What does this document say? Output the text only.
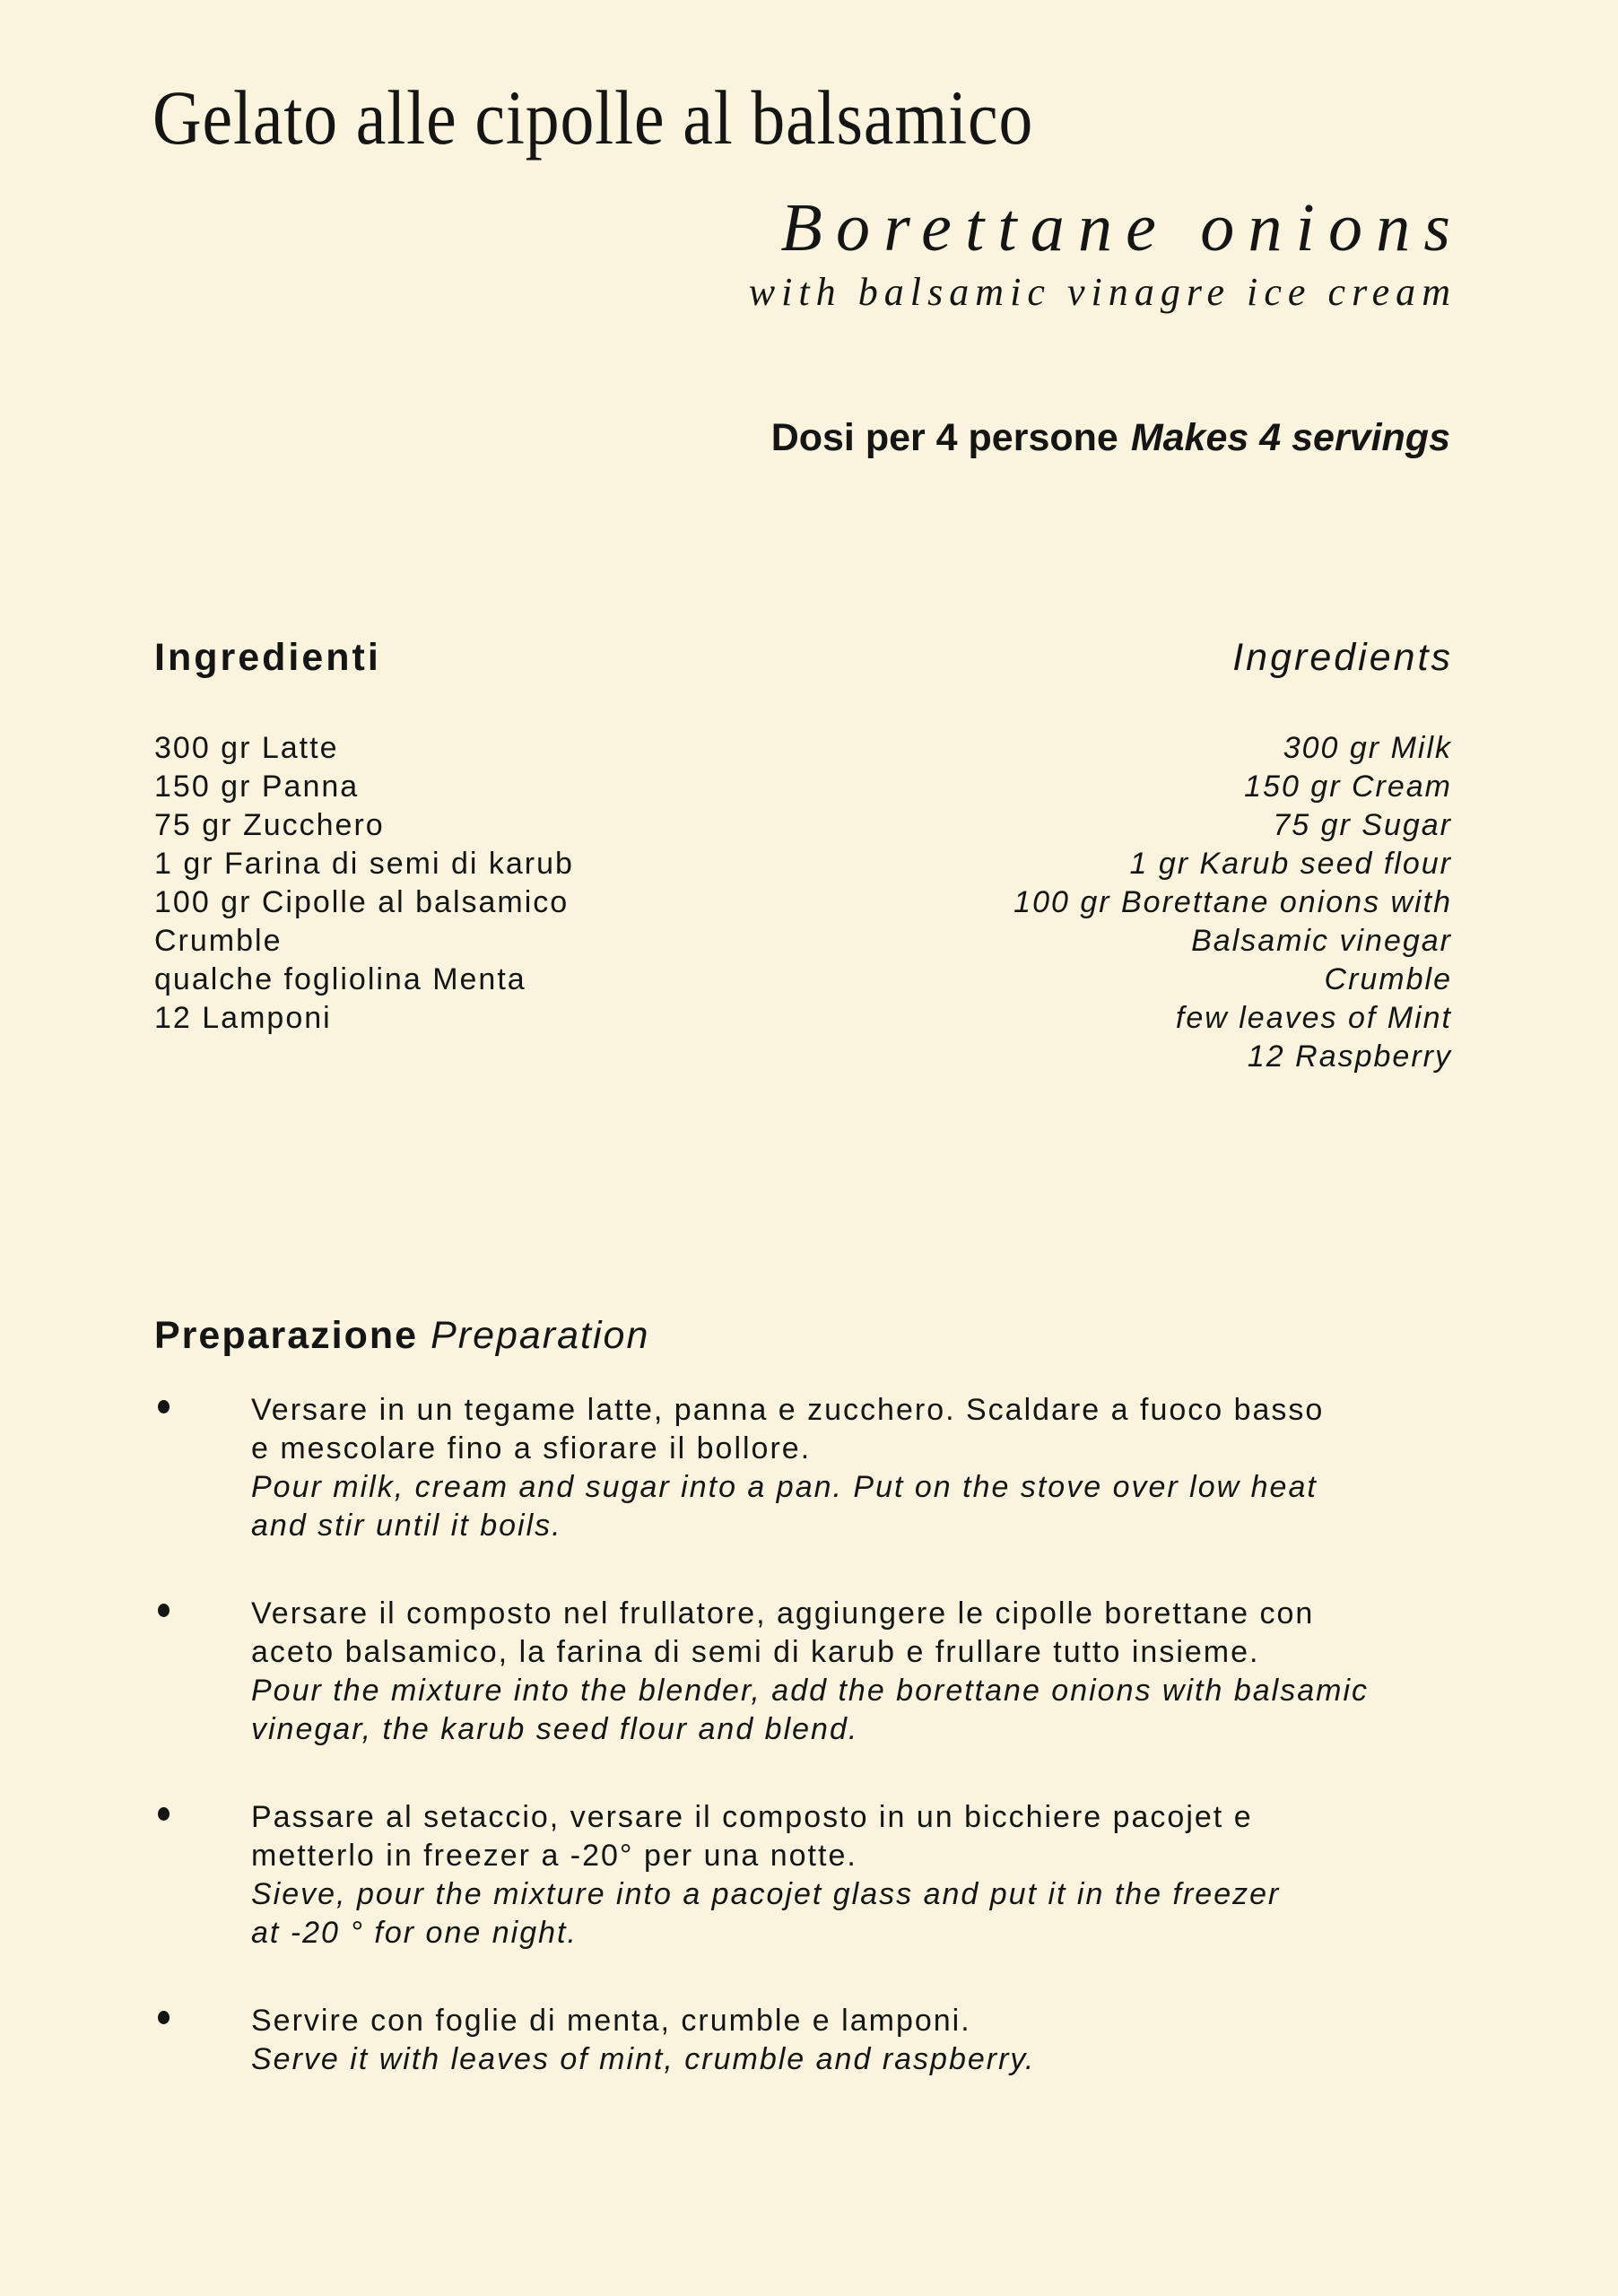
Gelato alle cipolle al balsamico
Borettane onions
with balsamic vinagre ice cream
Dosi per 4 persone Makes 4 servings
Ingredienti	Ingredients
300 gr Latte
150 gr Panna
75 gr Zucchero
1 gr Farina di semi di karub
100 gr Cipolle al balsamico
Crumble
qualche fogliolina Menta
12 Lamponi
300 gr Milk
150 gr Cream
75 gr Sugar
1 gr Karub seed flour
100 gr Borettane onions with
Balsamic vinegar
Crumble
few leaves of Mint
12 Raspberry
Preparazione Preparation
Versare in un tegame latte, panna e zucchero. Scaldare a fuoco basso
e mescolare fino a sfiorare il bollore.
Pour milk, cream and sugar into a pan. Put on the stove over low heat
and stir until it boils.
Versare il composto nel frullatore, aggiungere le cipolle borettane con
aceto balsamico, la farina di semi di karub e frullare tutto insieme.
Pour the mixture into the blender, add the borettane onions with balsamic
vinegar, the karub seed flour and blend.
Passare al setaccio, versare il composto in un bicchiere pacojet e
metterlo in freezer a -20° per una notte.
Sieve, pour the mixture into a pacojet glass and put it in the freezer
at -20 ° for one night.
Servire con foglie di menta, crumble e lamponi.
Serve it with leaves of mint, crumble and raspberry.
